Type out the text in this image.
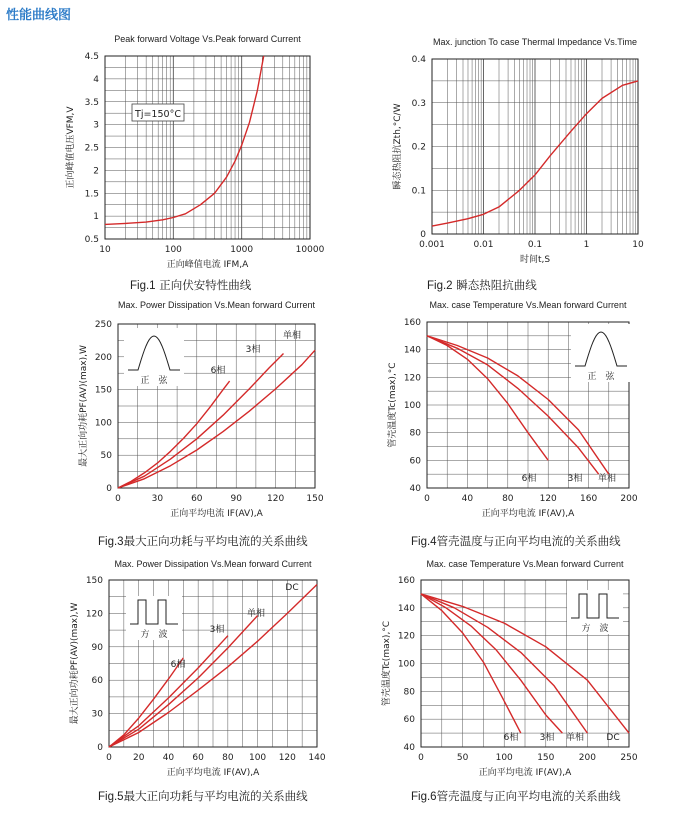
性能曲线图
10	100	1000	10000
0.5
1
1.5
2
2.5
3
3.5
4
4.5
Peak forward Voltage Vs.Peak forward Current
正向峰值电流 IFM,A
正向峰值电压VFM,V	Tj=150°C
Fig.1 正向伏安特性曲线
0.001	0.01	0.1	1	10
0
0.1
0.2
0.3
0.4
Max. junction To case Thermal Impedance Vs.Time
时间t,S
瞬态热阻抗Zth,°C/W
Fig.2 瞬态热阻抗曲线
0	30	60	90	120 150
0
50
100
150
200
250
Max. Power Dissipation Vs.Mean forward Current
正向平均电流 IF(AV),A
最大正向功耗PF(AV)(max),W	6相
3相
单相
正　弦
Fig.3最大正向功耗与平均电流的关系曲线
0	40	80	120	160	200
40
60
80
100
120
140
160
Max. case Temperature Vs.Mean forward Current
正向平均电流 IF(AV),A
管壳温度Tc(max),°C
6相	3相 单相
正　弦
Fig.4管壳温度与正向平均电流的关系曲线
0 20 40 60 80 100 120 140
0
30
60
90
120
150
Max. Power Dissipation Vs.Mean forward Current
正向平均电流 IF(AV),A
最大正向功耗PF(AV)(max),W	6相
3相
单相
DC
方　波
Fig.5最大正向功耗与平均电流的关系曲线
0	50	100	150	200	250
40
60
80
100
120
140
160
Max. case Temperature Vs.Mean forward Current
正向平均电流 IF(AV),A
管壳温度Tc(max),°C
6相 3相 单相 DC
方　波
Fig.6管壳温度与正向平均电流的关系曲线
